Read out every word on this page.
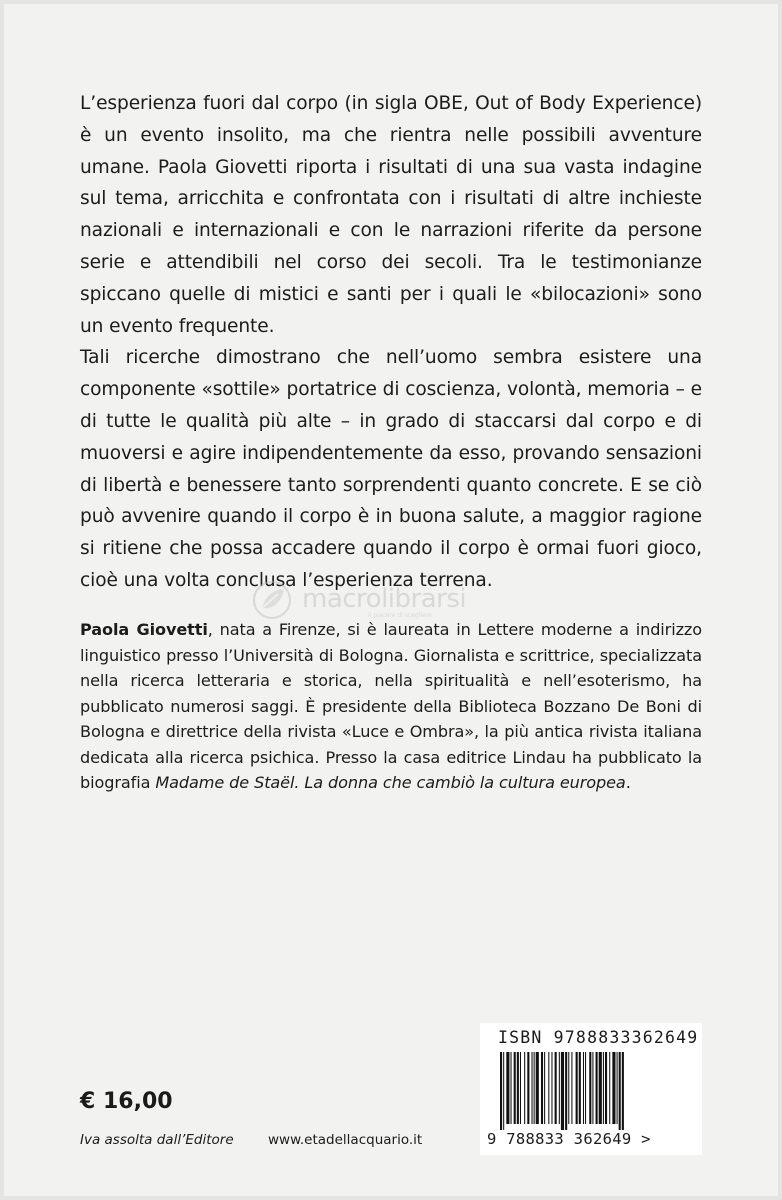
L’esperienza fuori dal corpo (in sigla OBE, Out of Body Experience) è un evento insolito, ma che rientra nelle possibili avventure umane. Paola Giovetti riporta i risultati di una sua vasta indagine sul tema, arricchita e confrontata con i risultati di altre inchieste nazionali e internazionali e con le narrazioni riferite da persone serie e attendibili nel corso dei secoli. Tra le testimonianze spiccano quelle di mistici e santi per i quali le «bilocazioni» sono un evento frequente.

Tali ricerche dimostrano che nell’uomo sembra esistere una componente «sottile» portatrice di coscienza, volontà, memoria – e di tutte le qualità più alte – in grado di staccarsi dal corpo e di muoversi e agire indipendentemente da esso, provando sensazioni di libertà e benessere tanto sorprendenti quanto concrete. E se ciò può avvenire quando il corpo è in buona salute, a maggior ragione si ritiene che possa accadere quando il corpo è ormai fuori gioco, cioè una volta conclusa l’esperienza terrena.

macrolibrarsi
il piacere di scegliere
Paola Giovetti, nata a Firenze, si è laureata in Lettere moderne a indirizzo linguistico presso l’Università di Bologna. Giornalista e scrittrice, specializzata nella ricerca letteraria e storica, nella spiritualità e nell’esoterismo, ha pubblicato numerosi saggi. È presidente della Biblioteca Bozzano De Boni di Bologna e direttrice della rivista «Luce e Ombra», la più antica rivista italiana dedicata alla ricerca psichica. Presso la casa editrice Lindau ha pubblicato la biografia Madame de Staël. La donna che cambiò la cultura europea.
€ 16,00
Iva assolta dall’Editore	www.etadellacquario.it
ISBN 9788833362649
9 788833 362649 >
